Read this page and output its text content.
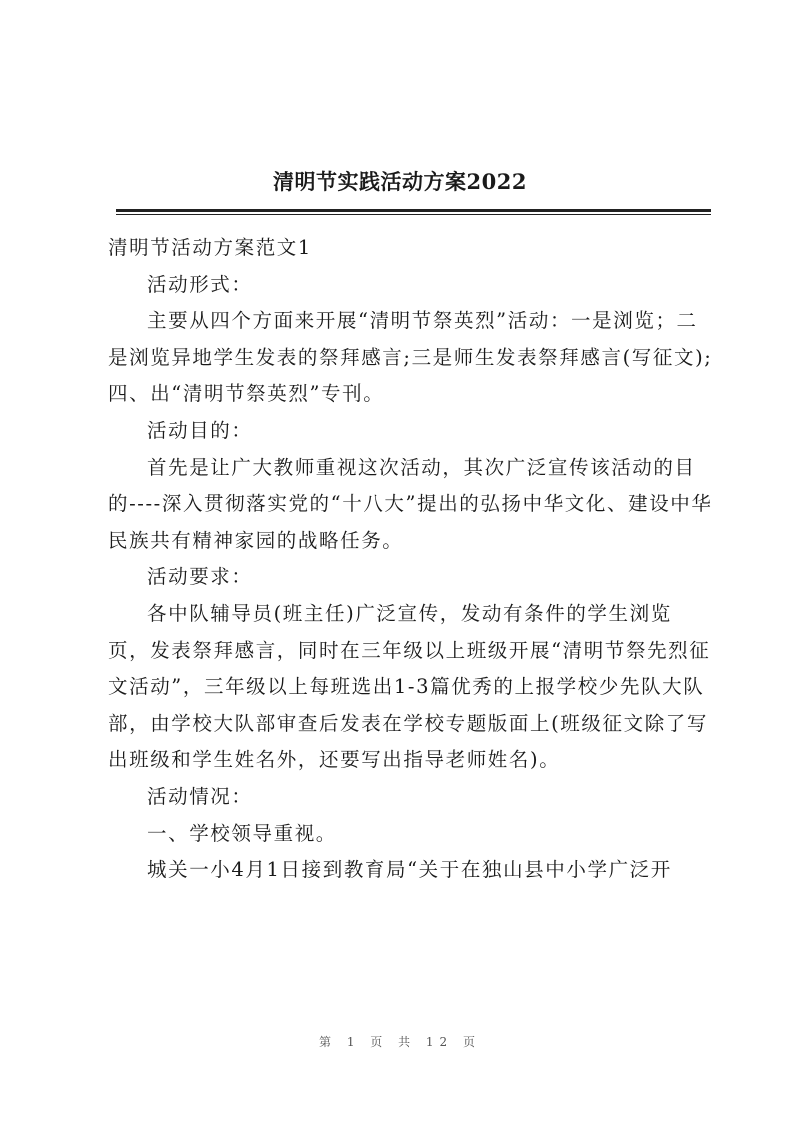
清明节实践活动方案2022

清明节活动方案范文1

活动形式：

主要从四个方面来开展“清明节祭英烈”活动：一是浏览；二是浏览异地学生发表的祭拜感言;三是师生发表祭拜感言(写征文);四、出“清明节祭英烈”专刊。

活动目的：

首先是让广大教师重视这次活动，其次广泛宣传该活动的目的----深入贯彻落实党的“十八大”提出的弘扬中华文化、建设中华民族共有精神家园的战略任务。

活动要求：

各中队辅导员(班主任)广泛宣传，发动有条件的学生浏览页，发表祭拜感言，同时在三年级以上班级开展“清明节祭先烈征文活动”，三年级以上每班选出1-3篇优秀的上报学校少先队大队部，由学校大队部审查后发表在学校专题版面上(班级征文除了写出班级和学生姓名外，还要写出指导老师姓名)。

活动情况：

一、学校领导重视。

城关一小4月1日接到教育局“关于在独山县中小学广泛开

第 1 页 共 12 页
